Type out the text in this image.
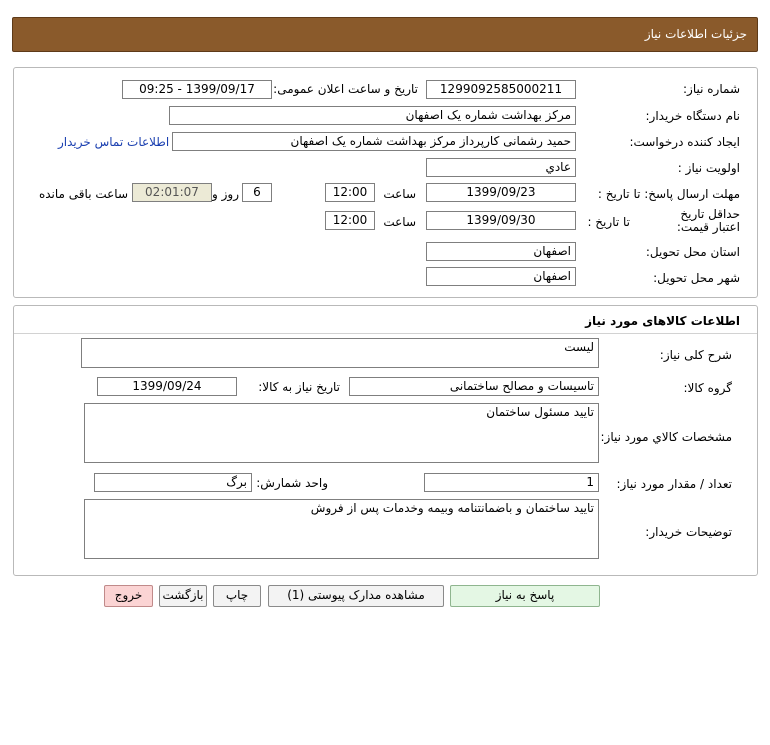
جزئیات اطلاعات نیاز
شماره نیاز:
1299092585000211
تاریخ و ساعت اعلان عمومی:
1399/09/17 - 09:25
نام دستگاه خریدار:
مرکز بهداشت شماره یک اصفهان
ایجاد کننده درخواست:
حمید رشمانی کارپرداز مرکز بهداشت شماره یک اصفهان
اطلاعات تماس خریدار
اولویت نیاز :
عادي
مهلت ارسال پاسخ: تا تاریخ :
1399/09/23
ساعت
12:00
6
روز و
02:01:07
ساعت باقی مانده
حداقل تاریخ اعتبار قیمت:
تا تاریخ :
1399/09/30
ساعت
12:00
استان محل تحویل:
اصفهان
شهر محل تحویل:
اصفهان
اطلاعات کالاهای مورد نیاز
شرح کلی نیاز:
لیست
گروه کالا:
تاسیسات و مصالح ساختمانی
تاریخ نیاز به کالا:
1399/09/24
مشخصات کالاي مورد نياز:
تایید مسئول ساختمان
تعداد / مقدار مورد نیاز:
1
واحد شمارش:
برگ
توضیحات خریدار:
تایید ساختمان و باضمانتنامه وبیمه وخدمات پس از فروش
پاسخ به نیاز
مشاهده مدارک پیوستی (1)
چاپ
بازگشت
خروج
